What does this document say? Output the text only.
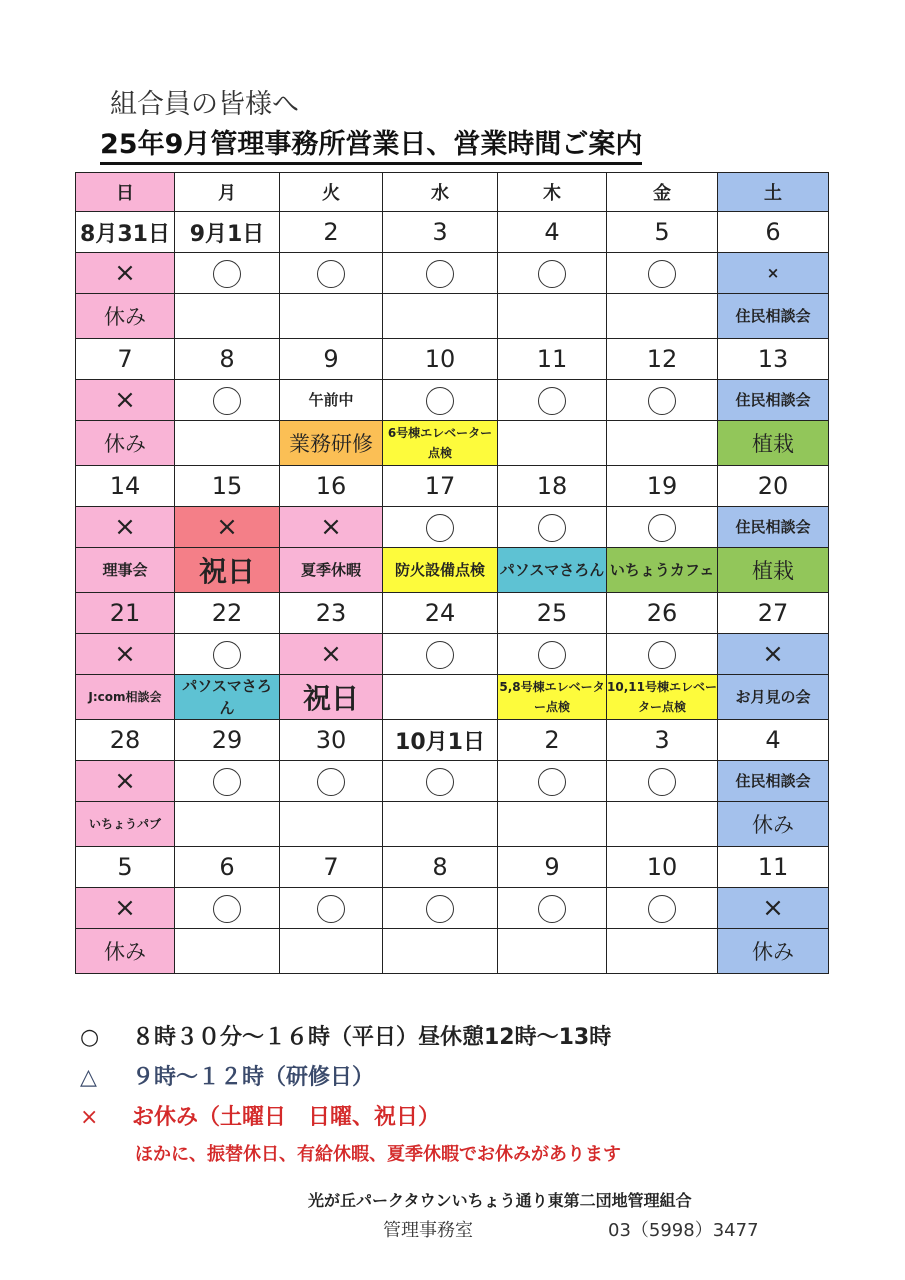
組合員の皆様へ
25年9月管理事務所営業日、営業時間ご案内
日	月	火	水	木	金	土
8月31日	9月1日	2	3	4	5	6
×						×
休み						住民相談会
7	8	9	10	11	12	13
×		午前中				住民相談会
休み		業務研修	6号棟エレベーター点検			植栽
14	15	16	17	18	19	20
×	×	×				住民相談会
理事会	祝日	夏季休暇	防火設備点検	パソスマさろん	いちょうカフェ	植栽
21	22	23	24	25	26	27
×		×				×
J:com相談会	パソスマさろん	祝日		5,8号棟エレベーター点検	10,11号棟エレベーター点検	お月見の会
28	29	30	10月1日	2	3	4
×						住民相談会
いちょうパブ						休み
5	6	7	8	9	10	11
×						×
休み						休み
○ ８時３０分～１６時（平日）昼休憩12時～13時
△ ９時～１２時（研修日）
× お休み（土曜日　日曜、祝日）
ほかに、振替休日、有給休暇、夏季休暇でお休みがあります
光が丘パークタウンいちょう通り東第二団地管理組合
管理事務室	03（5998）3477
